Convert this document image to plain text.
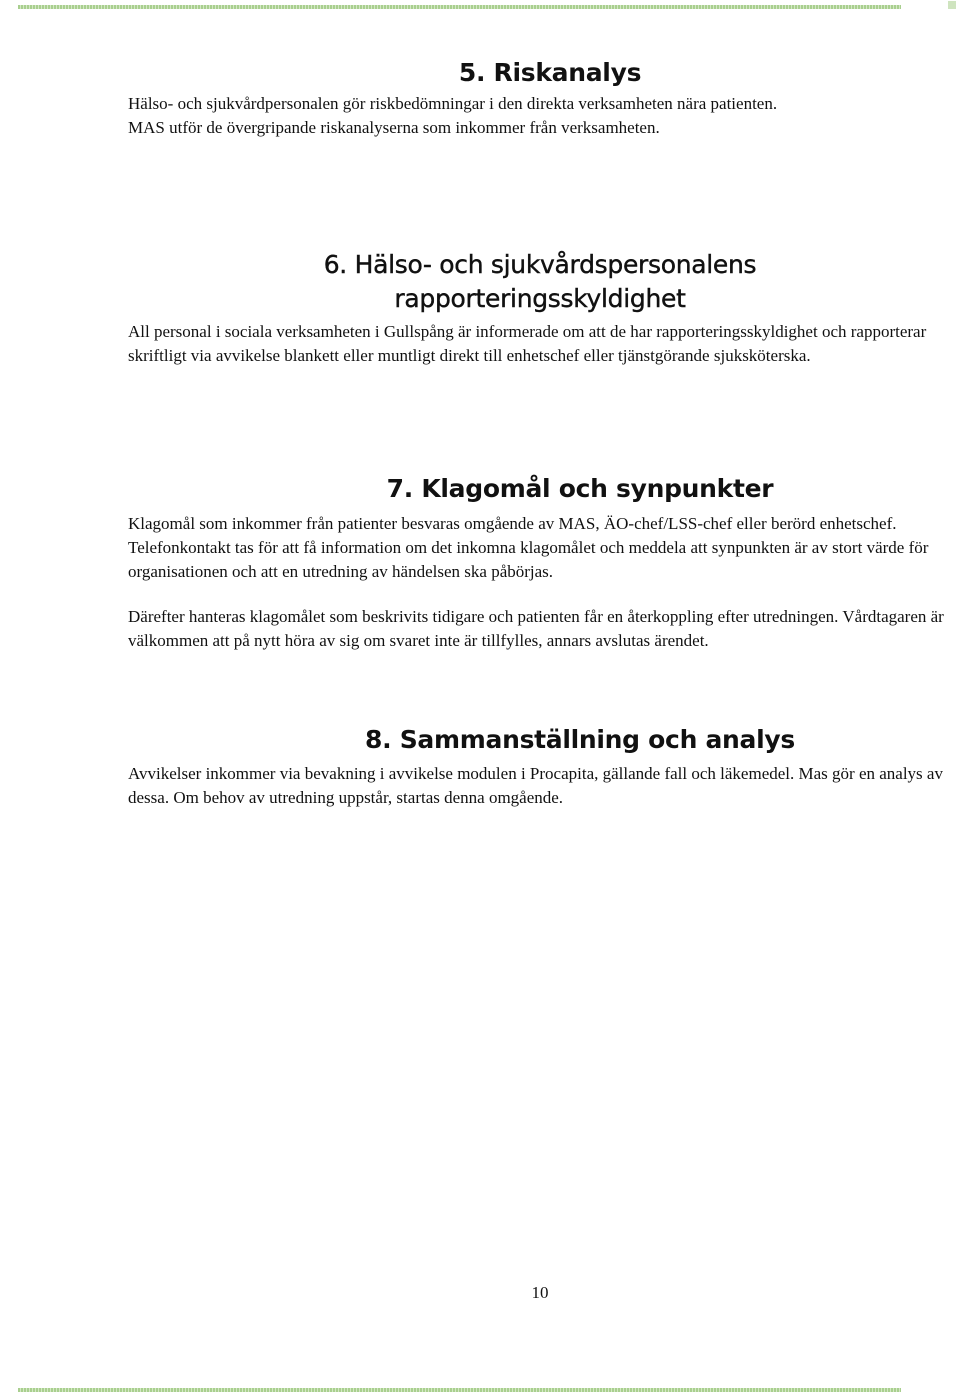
5. Riskanalys
Hälso- och sjukvårdpersonalen gör riskbedömningar i den direkta verksamheten nära patienten.
MAS utför de övergripande riskanalyserna som inkommer från verksamheten.
6. Hälso- och sjukvårdspersonalens
rapporteringsskyldighet

All personal i sociala verksamheten i Gullspång är informerade om att de har rapporteringsskyldighet och rapporterar skriftligt via avvikelse blankett eller muntligt direkt till enhetschef eller tjänstgörande sjuksköterska.

7. Klagomål och synpunkter

Klagomål som inkommer från patienter besvaras omgående av MAS, ÄO-chef/LSS-chef eller berörd enhetschef. Telefonkontakt tas för att få information om det inkomna klagomålet och meddela att synpunkten är av stort värde för organisationen och att en utredning av händelsen ska påbörjas.

Därefter hanteras klagomålet som beskrivits tidigare och patienten får en återkoppling efter utredningen. Vårdtagaren är välkommen att på nytt höra av sig om svaret inte är tillfylles, annars avslutas ärendet.

8. Sammanställning och analys

Avvikelser inkommer via bevakning i avvikelse modulen i Procapita, gällande fall och läkemedel. Mas gör en analys av dessa. Om behov av utredning uppstår, startas denna omgående.

10
